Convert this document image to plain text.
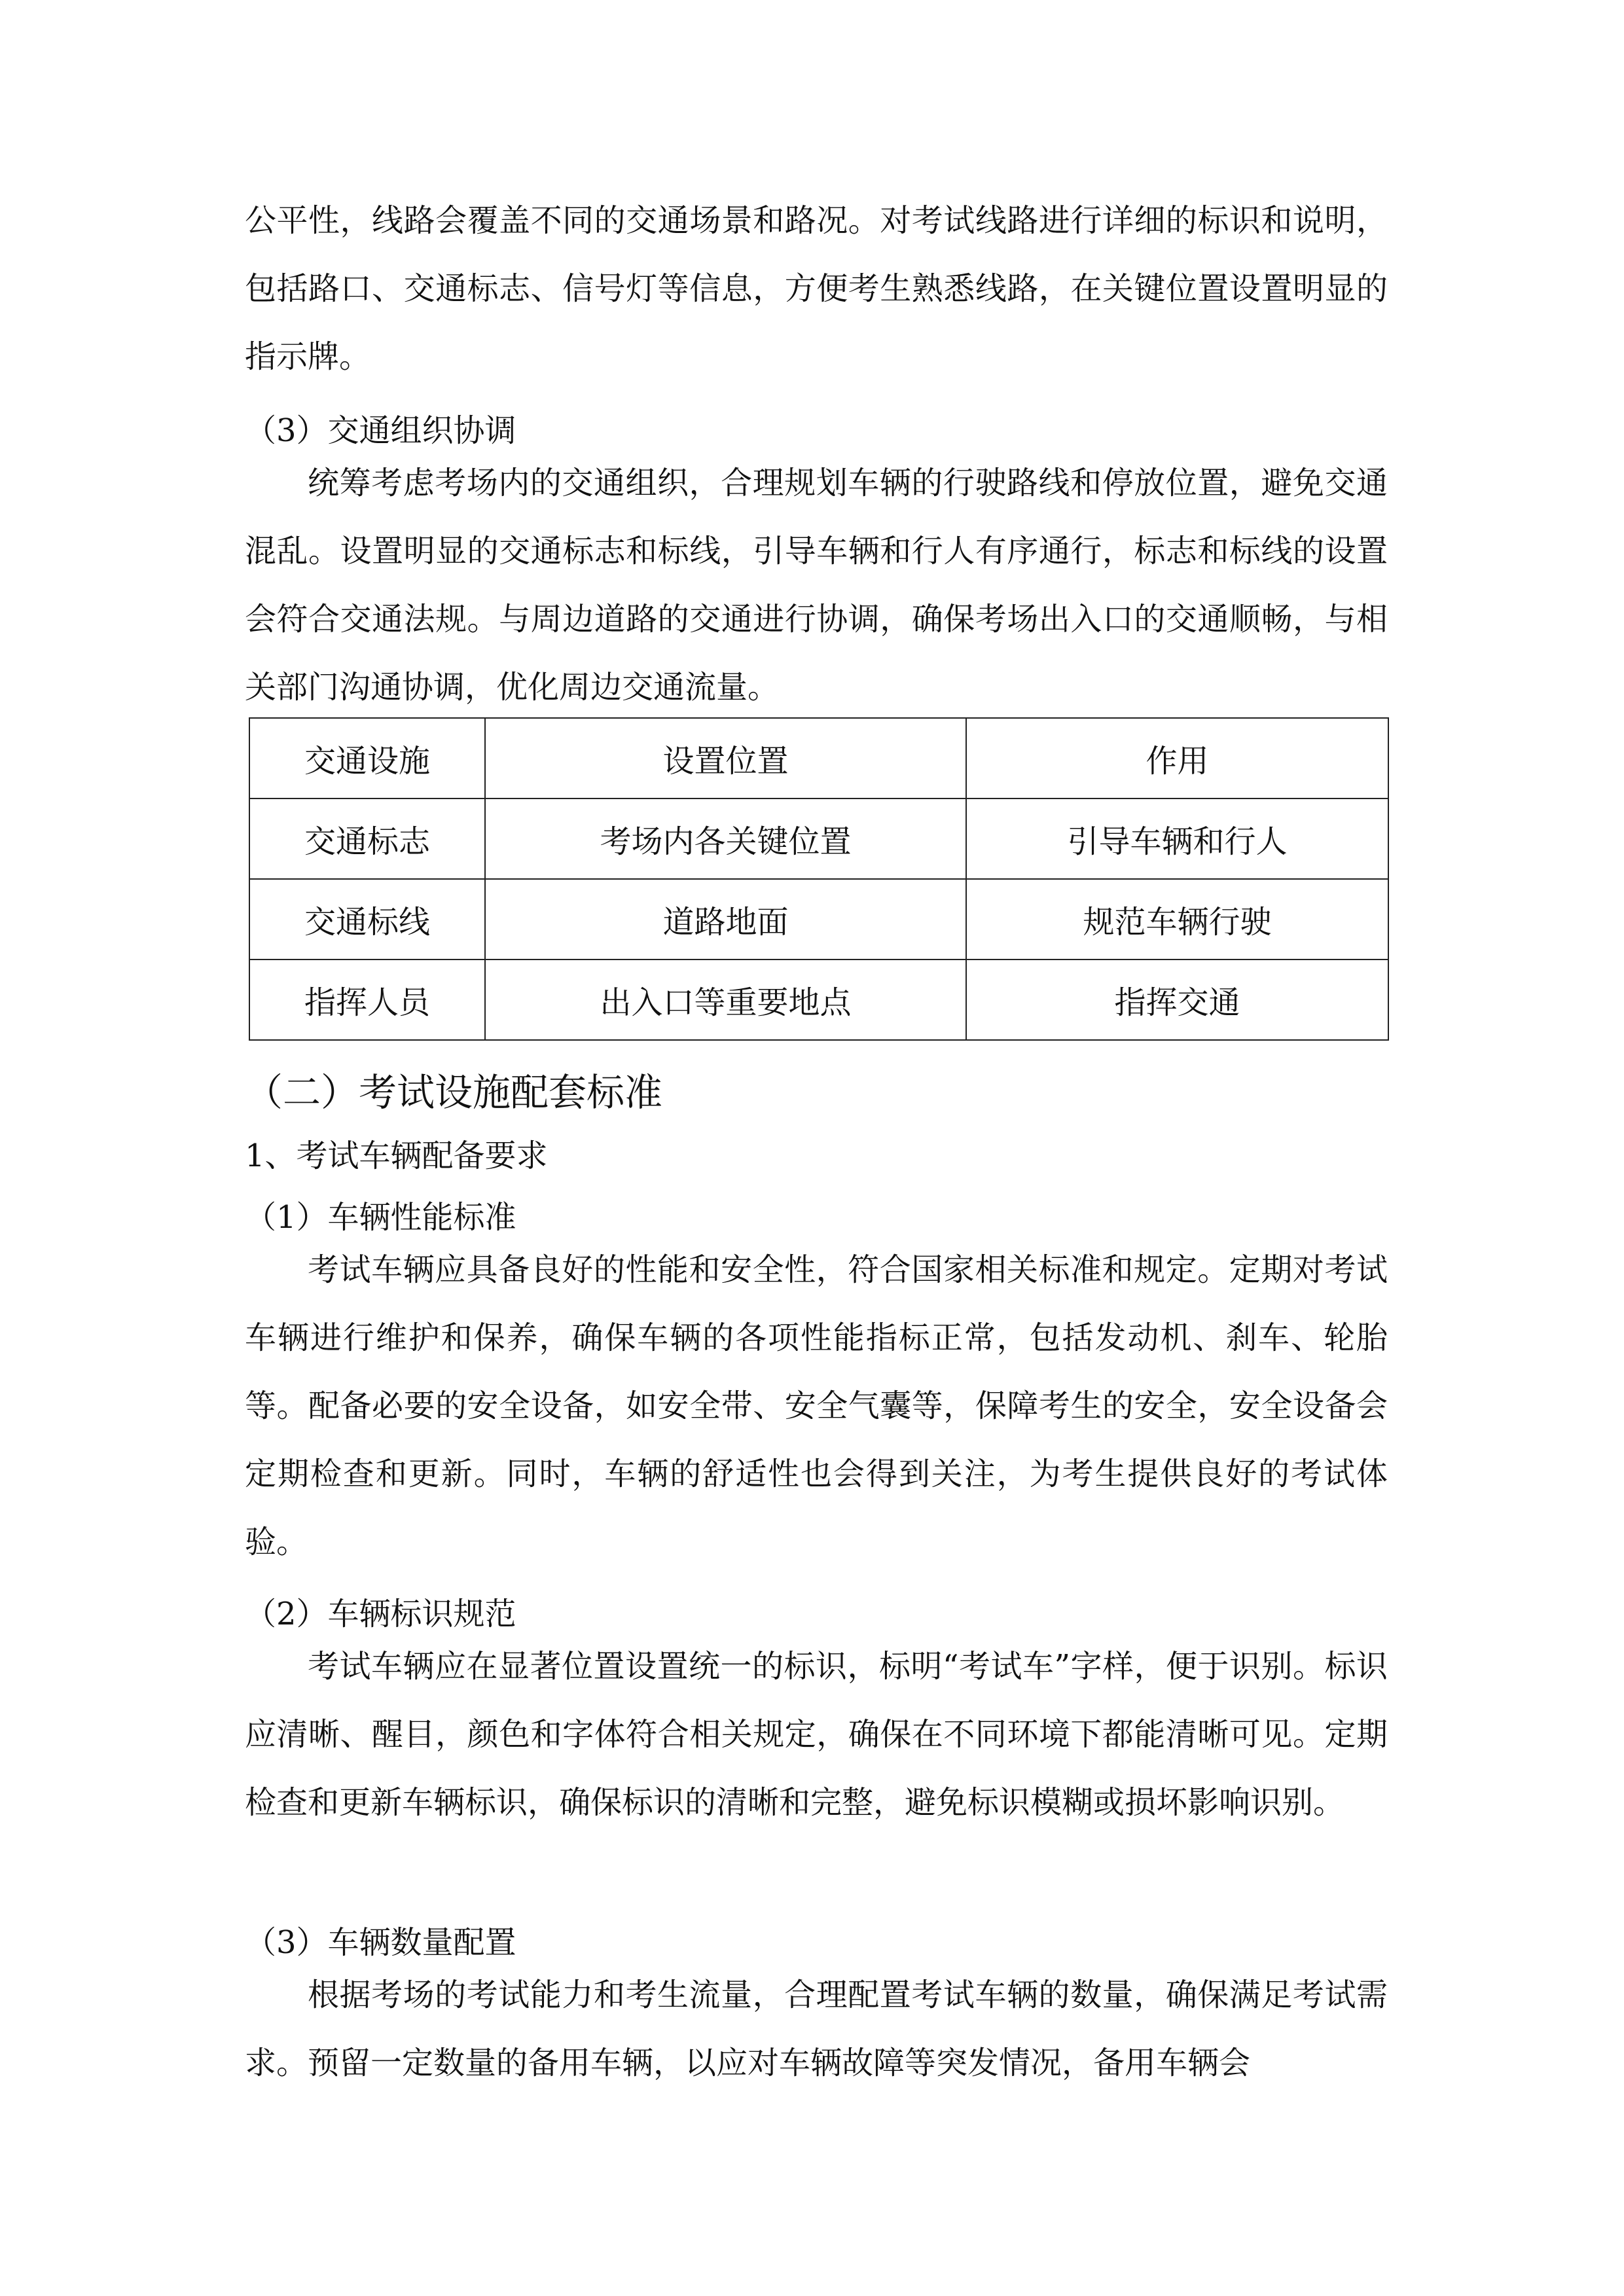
公平性，线路会覆盖不同的交通场景和路况。对考试线路进行详细的标识和说明，包括路口、交通标志、信号灯等信息，方便考生熟悉线路，在关键位置设置明显的指示牌。

（3）交通组织协调

统筹考虑考场内的交通组织，合理规划车辆的行驶路线和停放位置，避免交通混乱。设置明显的交通标志和标线，引导车辆和行人有序通行，标志和标线的设置会符合交通法规。与周边道路的交通进行协调，确保考场出入口的交通顺畅，与相关部门沟通协调，优化周边交通流量。

交通设施	设置位置	作用
交通标志	考场内各关键位置	引导车辆和行人
交通标线	道路地面	规范车辆行驶
指挥人员	出入口等重要地点	指挥交通

（二）考试设施配套标准

1、考试车辆配备要求

（1）车辆性能标准

考试车辆应具备良好的性能和安全性，符合国家相关标准和规定。定期对考试车辆进行维护和保养，确保车辆的各项性能指标正常，包括发动机、刹车、轮胎等。配备必要的安全设备，如安全带、安全气囊等，保障考生的安全，安全设备会定期检查和更新。同时，车辆的舒适性也会得到关注，为考生提供良好的考试体验。

（2）车辆标识规范

考试车辆应在显著位置设置统一的标识，标明“考试车”字样，便于识别。标识应清晰、醒目，颜色和字体符合相关规定，确保在不同环境下都能清晰可见。定期检查和更新车辆标识，确保标识的清晰和完整，避免标识模糊或损坏影响识别。

（3）车辆数量配置

根据考场的考试能力和考生流量，合理配置考试车辆的数量，确保满足考试需求。预留一定数量的备用车辆，以应对车辆故障等突发情况，备用车辆会
